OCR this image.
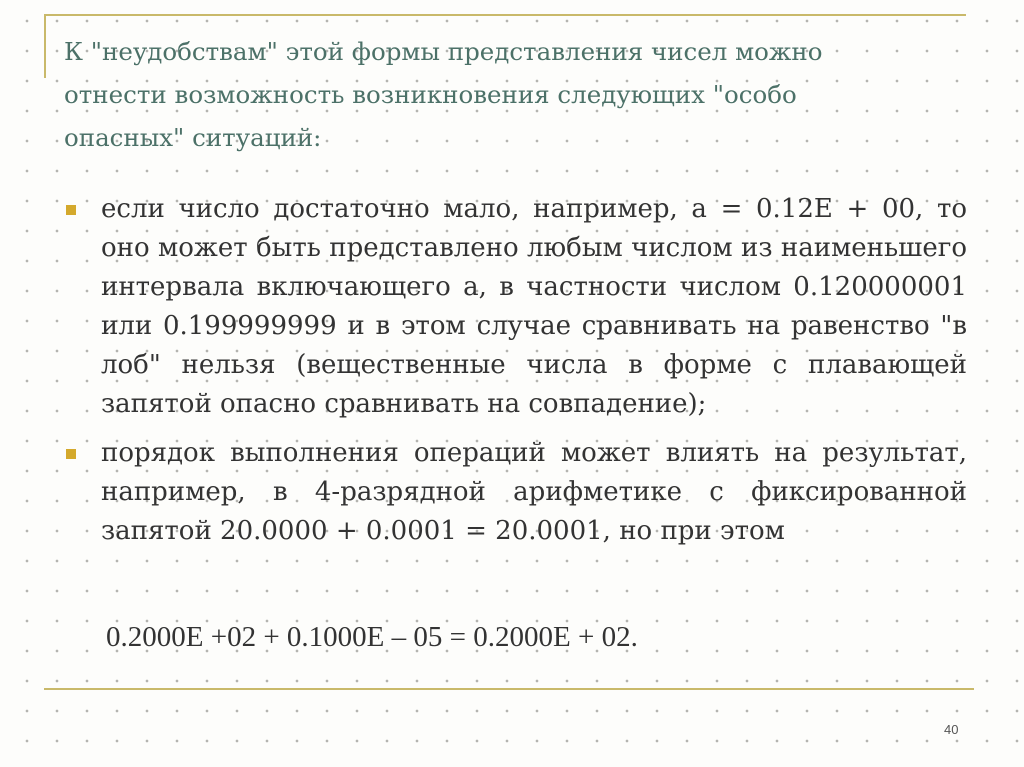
К "неудобствам" этой формы представления чисел можно отнести возможность возникновения следующих "особо опасных" ситуаций:
если число достаточно мало, например, а = 0.12E + 00, то оно может быть представлено любым числом из наименьшего интервала включающего а, в частности числом 0.120000001 или 0.199999999 и в этом случае сравнивать на равенство "в лоб" нельзя (вещественные числа в форме с плавающей запятой опасно сравнивать на совпадение);
порядок выполнения операций может влиять на результат, например, в 4-разрядной арифметике с фиксированной запятой 20.0000 + 0.0001 = 20.0001, но при этом
0.2000E +02 + 0.1000E – 05 = 0.2000E + 02.
40
